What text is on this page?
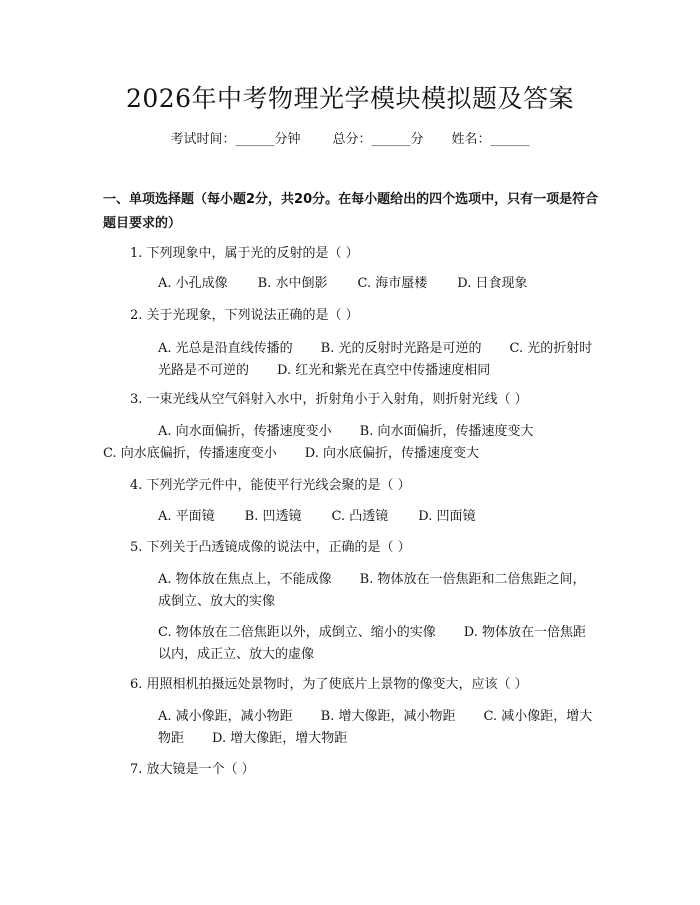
2026年中考物理光学模块模拟题及答案
考试时间：______分钟 总分：______分 姓名：______
一、单项选择题（每小题2分，共20分。在每小题给出的四个选项中，只有一项是符合题目要求的）
1. 下列现象中，属于光的反射的是（ ）
A. 小孔成像 B. 水中倒影 C. 海市蜃楼 D. 日食现象
2. 关于光现象，下列说法正确的是（ ）
A. 光总是沿直线传播的 B. 光的反射时光路是可逆的 C. 光的折射时光路是不可逆的 D. 红光和紫光在真空中传播速度相同
3. 一束光线从空气斜射入水中，折射角小于入射角，则折射光线（ ）
A. 向水面偏折，传播速度变小 B. 向水面偏折，传播速度变大
C. 向水底偏折，传播速度变小 D. 向水底偏折，传播速度变大
4. 下列光学元件中，能使平行光线会聚的是（ ）
A. 平面镜 B. 凹透镜 C. 凸透镜 D. 凹面镜
5. 下列关于凸透镜成像的说法中，正确的是（ ）
A. 物体放在焦点上，不能成像 B. 物体放在一倍焦距和二倍焦距之间，成倒立、放大的实像
C. 物体放在二倍焦距以外，成倒立、缩小的实像 D. 物体放在一倍焦距以内，成正立、放大的虚像
6. 用照相机拍摄远处景物时，为了使底片上景物的像变大，应该（ ）
A. 减小像距，减小物距 B. 增大像距，减小物距 C. 减小像距，增大物距 D. 增大像距，增大物距
7. 放大镜是一个（ ）
